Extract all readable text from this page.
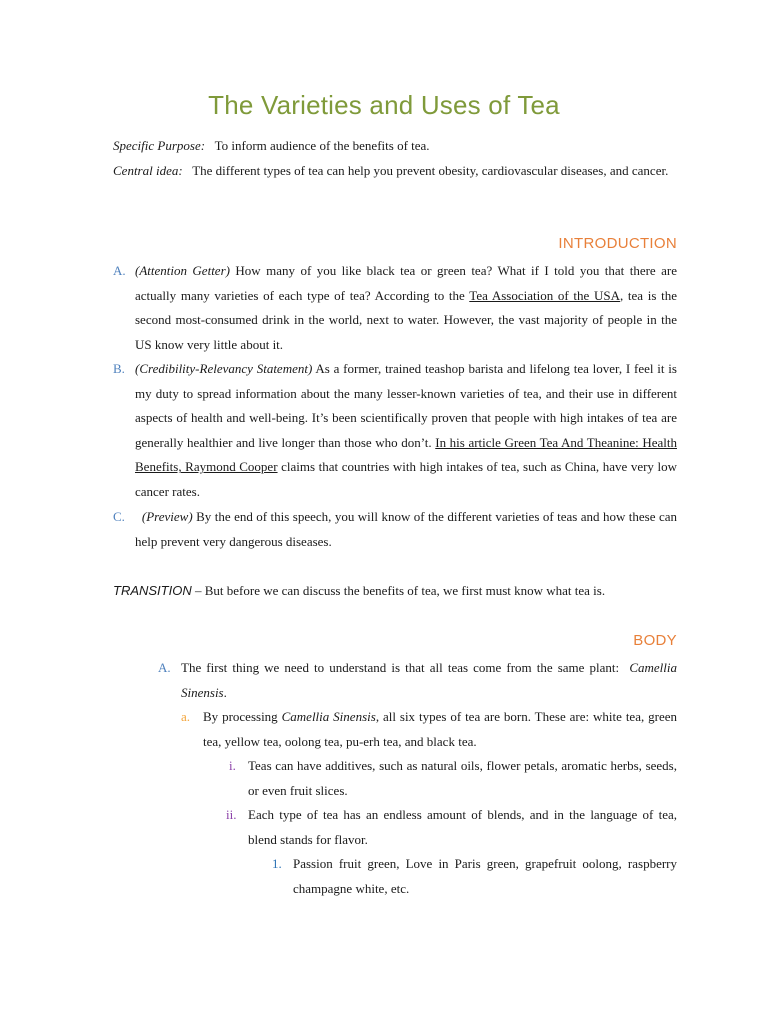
The Varieties and Uses of Tea
Specific Purpose: To inform audience of the benefits of tea.
Central idea: The different types of tea can help you prevent obesity, cardiovascular diseases, and cancer.
INTRODUCTION
A. (Attention Getter) How many of you like black tea or green tea? What if I told you that there are actually many varieties of each type of tea? According to the Tea Association of the USA, tea is the second most-consumed drink in the world, next to water. However, the vast majority of people in the US know very little about it.
B. (Credibility-Relevancy Statement) As a former, trained teashop barista and lifelong tea lover, I feel it is my duty to spread information about the many lesser-known varieties of tea, and their use in different aspects of health and well-being. It’s been scientifically proven that people with high intakes of tea are generally healthier and live longer than those who don’t. In his article Green Tea And Theanine: Health Benefits, Raymond Cooper claims that countries with high intakes of tea, such as China, have very low cancer rates.
C.	(Preview) By the end of this speech, you will know of the different varieties of teas and how these can help prevent very dangerous diseases.
TRANSITION – But before we can discuss the benefits of tea, we first must know what tea is.
BODY
A. The first thing we need to understand is that all teas come from the same plant: Camellia Sinensis.
a. By processing Camellia Sinensis, all six types of tea are born. These are: white tea, green tea, yellow tea, oolong tea, pu-erh tea, and black tea.
i. Teas can have additives, such as natural oils, flower petals, aromatic herbs, seeds, or even fruit slices.
ii. Each type of tea has an endless amount of blends, and in the language of tea, blend stands for flavor.
1. Passion fruit green, Love in Paris green, grapefruit oolong, raspberry champagne white, etc.
